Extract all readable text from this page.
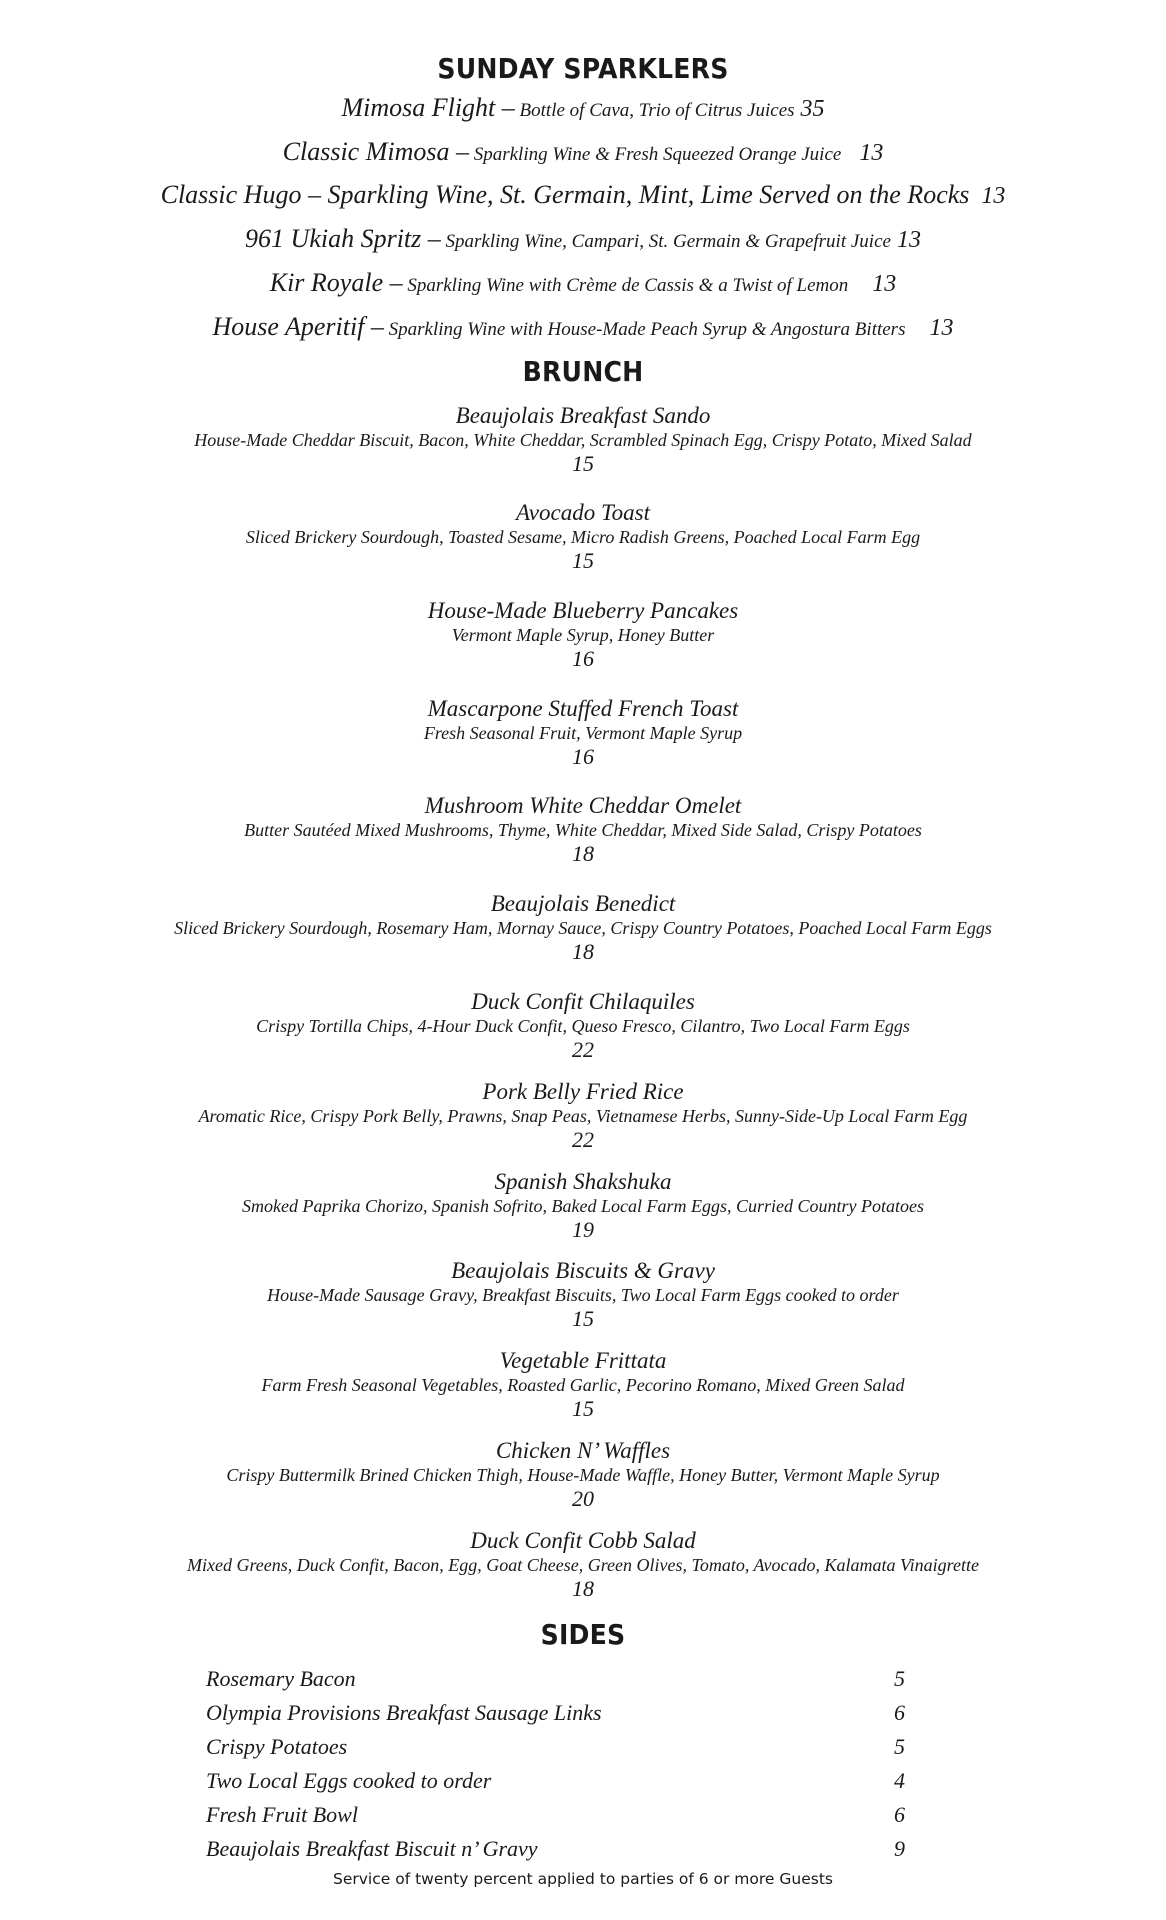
SUNDAY SPARKLERS
Mimosa Flight – Bottle of Cava, Trio of Citrus Juices 35
Classic Mimosa – Sparkling Wine & Fresh Squeezed Orange Juice   13
Classic Hugo – Sparkling Wine, St. Germain, Mint, Lime Served on the Rocks  13
961 Ukiah Spritz – Sparkling Wine, Campari, St. Germain & Grapefruit Juice 13
Kir Royale – Sparkling Wine with Crème de Cassis & a Twist of Lemon    13
House Aperitif – Sparkling Wine with House-Made Peach Syrup & Angostura Bitters    13
BRUNCH
Beaujolais Breakfast Sando
House-Made Cheddar Biscuit, Bacon, White Cheddar, Scrambled Spinach Egg, Crispy Potato, Mixed Salad
15
Avocado Toast
Sliced Brickery Sourdough, Toasted Sesame, Micro Radish Greens, Poached Local Farm Egg
15
House-Made Blueberry Pancakes
Vermont Maple Syrup, Honey Butter
16
Mascarpone Stuffed French Toast
Fresh Seasonal Fruit, Vermont Maple Syrup
16
Mushroom White Cheddar Omelet
Butter Sautéed Mixed Mushrooms, Thyme, White Cheddar, Mixed Side Salad, Crispy Potatoes
18
Beaujolais Benedict
Sliced Brickery Sourdough, Rosemary Ham, Mornay Sauce, Crispy Country Potatoes, Poached Local Farm Eggs
18
Duck Confit Chilaquiles
Crispy Tortilla Chips, 4-Hour Duck Confit, Queso Fresco, Cilantro, Two Local Farm Eggs
22
Pork Belly Fried Rice
Aromatic Rice, Crispy Pork Belly, Prawns, Snap Peas, Vietnamese Herbs, Sunny-Side-Up Local Farm Egg
22
Spanish Shakshuka
Smoked Paprika Chorizo, Spanish Sofrito, Baked Local Farm Eggs, Curried Country Potatoes
19
Beaujolais Biscuits & Gravy
House-Made Sausage Gravy, Breakfast Biscuits, Two Local Farm Eggs cooked to order
15
Vegetable Frittata
Farm Fresh Seasonal Vegetables, Roasted Garlic, Pecorino Romano, Mixed Green Salad
15
Chicken N’ Waffles
Crispy Buttermilk Brined Chicken Thigh, House-Made Waffle, Honey Butter, Vermont Maple Syrup
20
Duck Confit Cobb Salad
Mixed Greens, Duck Confit, Bacon, Egg, Goat Cheese, Green Olives, Tomato, Avocado, Kalamata Vinaigrette
18
SIDES
Rosemary Bacon	5
Olympia Provisions Breakfast Sausage Links	6
Crispy Potatoes	5
Two Local Eggs cooked to order	4
Fresh Fruit Bowl	6
Beaujolais Breakfast Biscuit n’ Gravy	9
Service of twenty percent applied to parties of 6 or more Guests
